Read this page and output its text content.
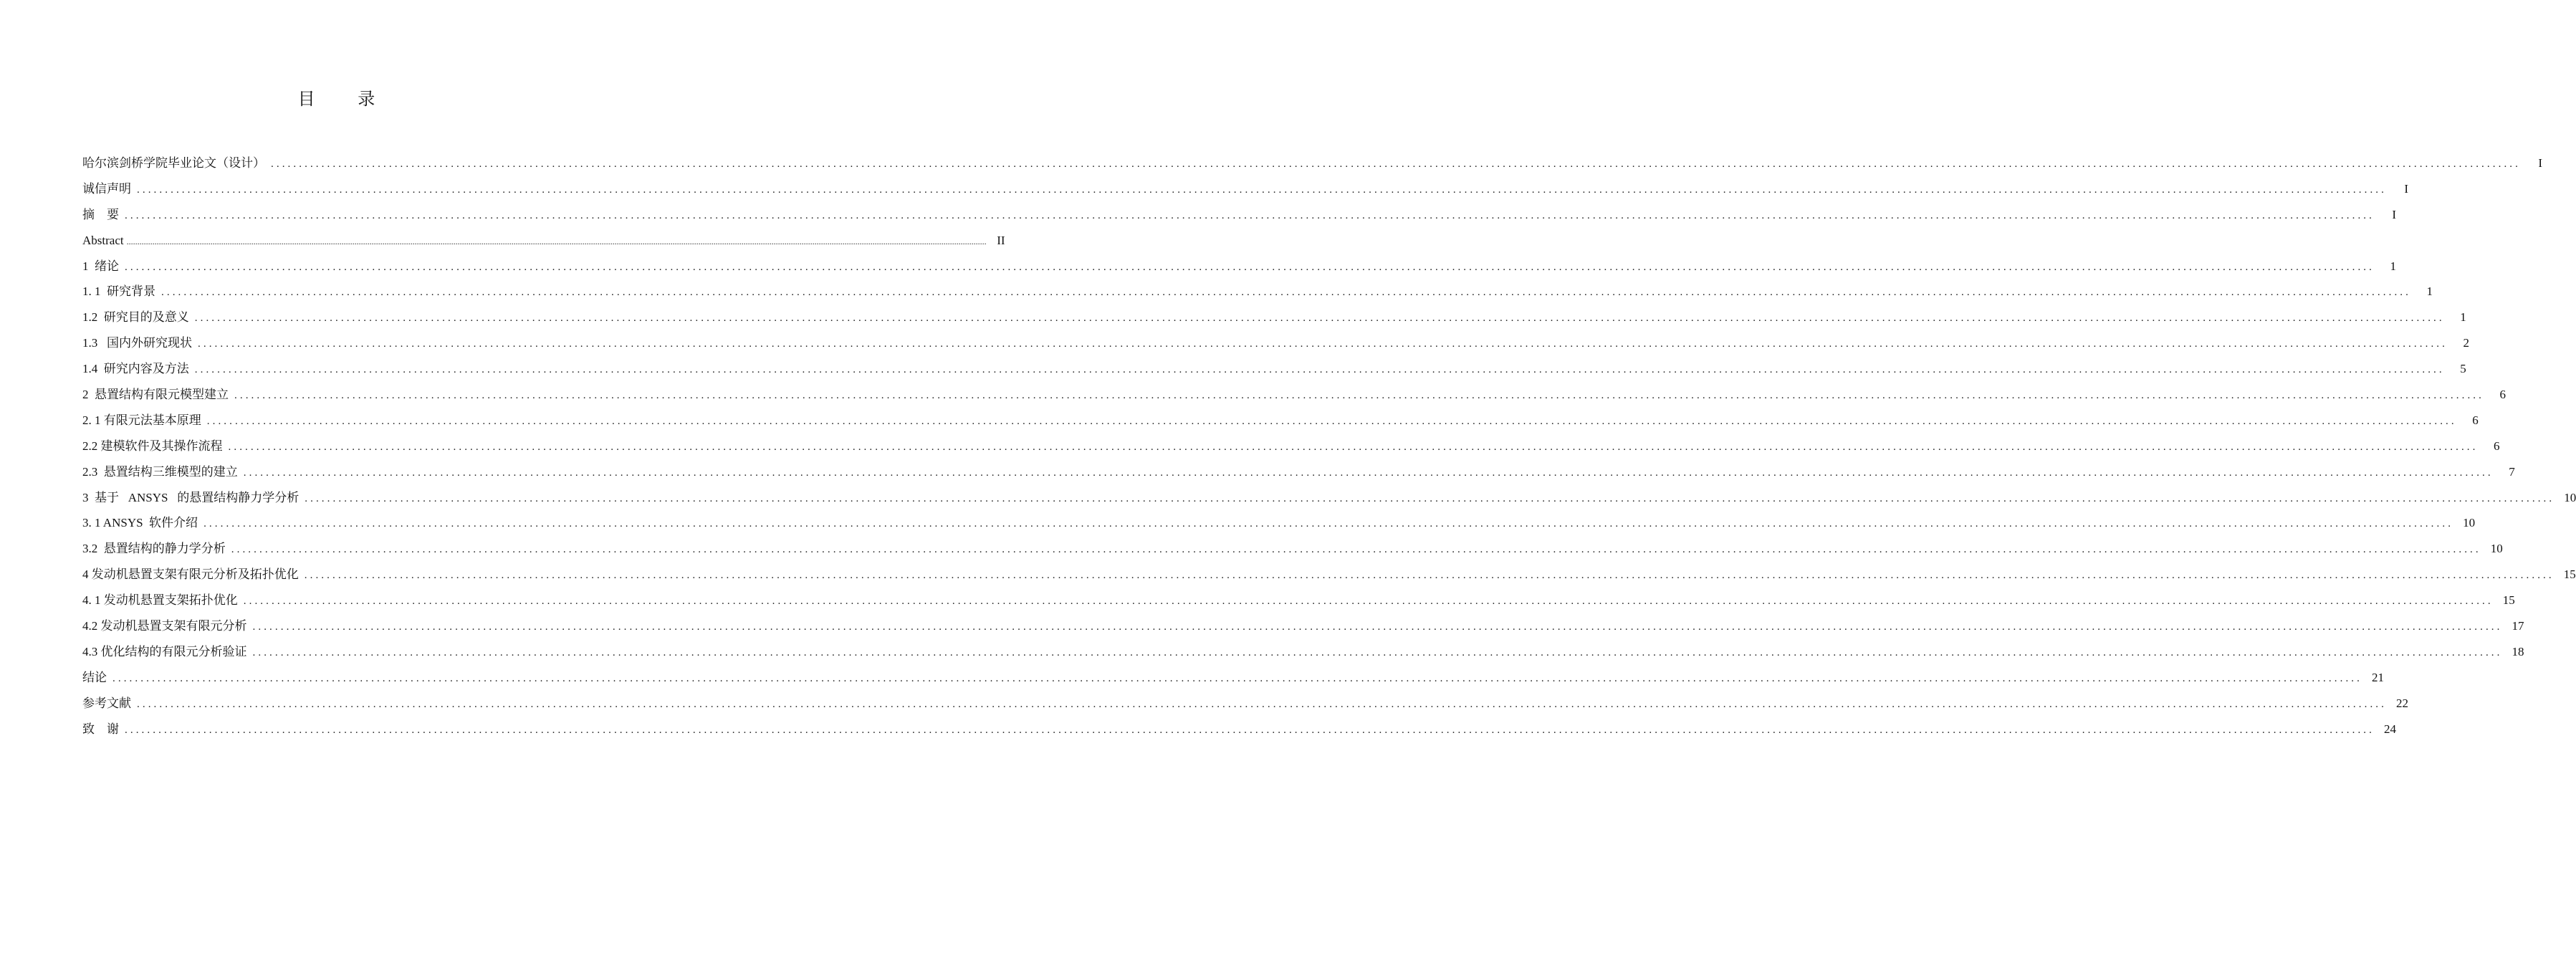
目 录
哈尔滨剑桥学院毕业论文（设计） ................................................................................................................................................................................................................................................................................................................................................................................................................	I
诚信声明 ................................................................................................................................................................................................................................................................................................................................................................................................................	I
摘    要 ................................................................................................................................................................................................................................................................................................................................................................................................................	I
Abstract ................................................................................................................................................................................................................................................................................................................................................................................................................ II
1  绪论 ................................................................................................................................................................................................................................................................................................................................................................................................................	1
1. 1  研究背景 ................................................................................................................................................................................................................................................................................................................................................................................................................	1
1.2  研究目的及意义 ................................................................................................................................................................................................................................................................................................................................................................................................................	1
1.3   国内外研究现状 ................................................................................................................................................................................................................................................................................................................................................................................................................	2
1.4  研究内容及方法 ................................................................................................................................................................................................................................................................................................................................................................................................................	5
2  悬置结构有限元模型建立 ................................................................................................................................................................................................................................................................................................................................................................................................................	6
2. 1 有限元法基本原理 ................................................................................................................................................................................................................................................................................................................................................................................................................	6
2.2 建模软件及其操作流程 ................................................................................................................................................................................................................................................................................................................................................................................................................	6
2.3  悬置结构三维模型的建立 ................................................................................................................................................................................................................................................................................................................................................................................................................	7
3  基于   ANSYS   的悬置结构静力学分析 ................................................................................................................................................................................................................................................................................................................................................................................................................ 10
3. 1 ANSYS  软件介绍 ................................................................................................................................................................................................................................................................................................................................................................................................................ 10
3.2  悬置结构的静力学分析 ................................................................................................................................................................................................................................................................................................................................................................................................................ 10
4 发动机悬置支架有限元分析及拓扑优化 ................................................................................................................................................................................................................................................................................................................................................................................................................ 15
4. 1 发动机悬置支架拓扑优化 ................................................................................................................................................................................................................................................................................................................................................................................................................ 15
4.2 发动机悬置支架有限元分析 ................................................................................................................................................................................................................................................................................................................................................................................................................ 17
4.3 优化结构的有限元分析验证 ................................................................................................................................................................................................................................................................................................................................................................................................................ 18
结论 ................................................................................................................................................................................................................................................................................................................................................................................................................ 21
参考文献 ................................................................................................................................................................................................................................................................................................................................................................................................................ 22
致    谢 ................................................................................................................................................................................................................................................................................................................................................................................................................ 24
